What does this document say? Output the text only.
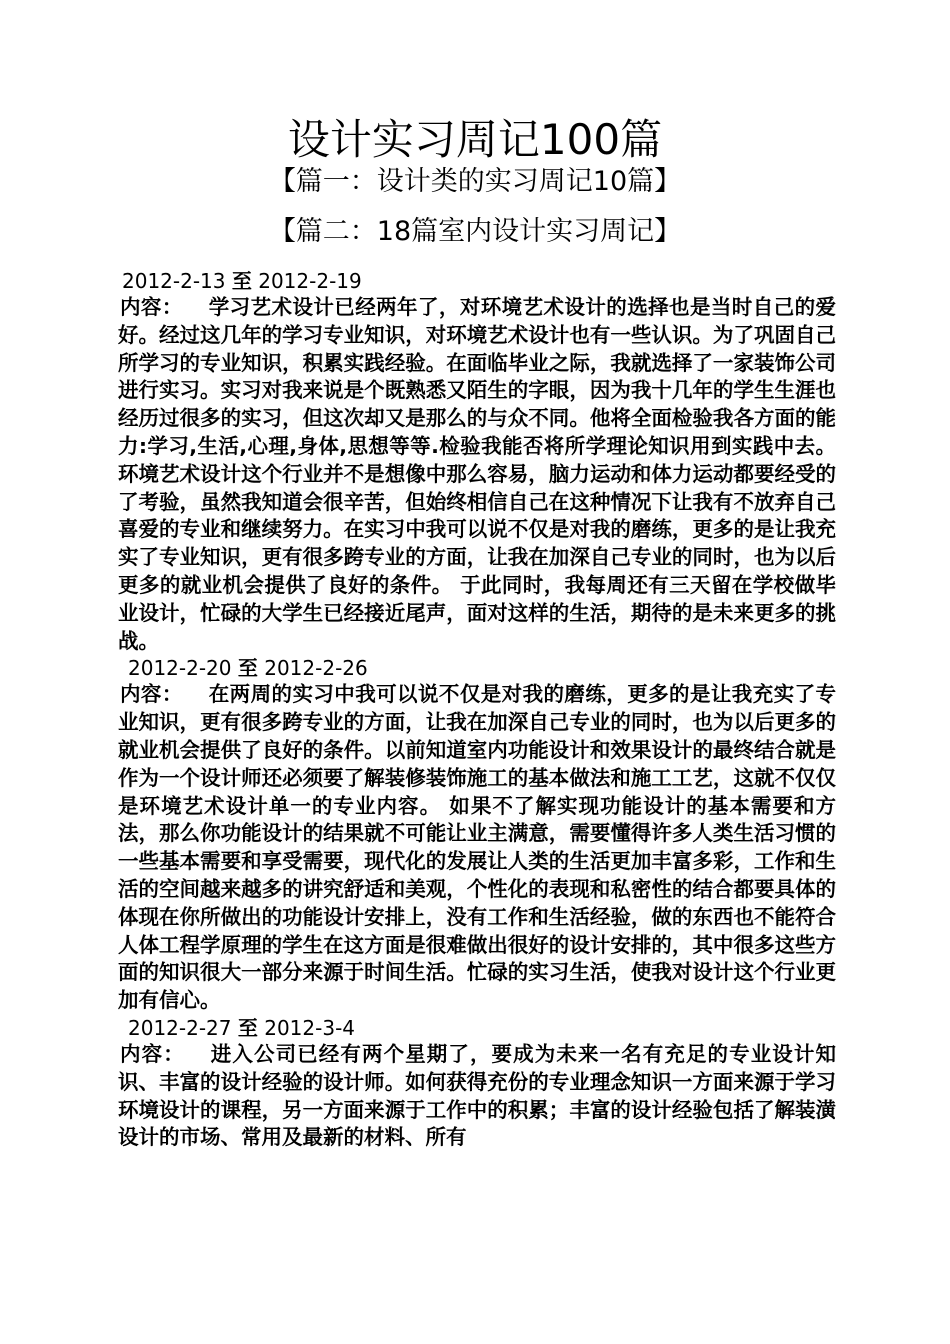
设计实习周记100篇
【篇一：设计类的实习周记10篇】
【篇二：18篇室内设计实习周记】
2012-2-13 至 2012-2-19

内容： 学习艺术设计已经两年了，对环境艺术设计的选择也是当时自己的爱好。经过这几年的学习专业知识，对环境艺术设计也有一些认识。为了巩固自己所学习的专业知识，积累实践经验。在面临毕业之际，我就选择了一家装饰公司进行实习。实习对我来说是个既熟悉又陌生的字眼，因为我十几年的学生生涯也经历过很多的实习，但这次却又是那么的与众不同。他将全面检验我各方面的能力:学习,生活,心理,身体,思想等等.检验我能否将所学理论知识用到实践中去。环境艺术设计这个行业并不是想像中那么容易，脑力运动和体力运动都要经受的了考验，虽然我知道会很辛苦，但始终相信自己在这种情况下让我有不放弃自己喜爱的专业和继续努力。在实习中我可以说不仅是对我的磨练，更多的是让我充实了专业知识，更有很多跨专业的方面，让我在加深自己专业的同时，也为以后更多的就业机会提供了良好的条件。 于此同时，我每周还有三天留在学校做毕业设计，忙碌的大学生已经接近尾声，面对这样的生活，期待的是未来更多的挑战。

2012-2-20 至 2012-2-26

内容： 在两周的实习中我可以说不仅是对我的磨练，更多的是让我充实了专业知识，更有很多跨专业的方面，让我在加深自己专业的同时，也为以后更多的就业机会提供了良好的条件。以前知道室内功能设计和效果设计的最终结合就是作为一个设计师还必须要了解装修装饰施工的基本做法和施工工艺，这就不仅仅是环境艺术设计单一的专业内容。 如果不了解实现功能设计的基本需要和方法，那么你功能设计的结果就不可能让业主满意，需要懂得许多人类生活习惯的一些基本需要和享受需要，现代化的发展让人类的生活更加丰富多彩，工作和生活的空间越来越多的讲究舒适和美观，个性化的表现和私密性的结合都要具体的体现在你所做出的功能设计安排上，没有工作和生活经验，做的东西也不能符合人体工程学原理的学生在这方面是很难做出很好的设计安排的，其中很多这些方面的知识很大一部分来源于时间生活。忙碌的实习生活，使我对设计这个行业更加有信心。

2012-2-27 至 2012-3-4

内容： 进入公司已经有两个星期了，要成为未来一名有充足的专业设计知识、丰富的设计经验的设计师。如何获得充份的专业理念知识一方面来源于学习环境设计的课程，另一方面来源于工作中的积累；丰富的设计经验包括了解装潢设计的市场、常用及最新的材料、所有
